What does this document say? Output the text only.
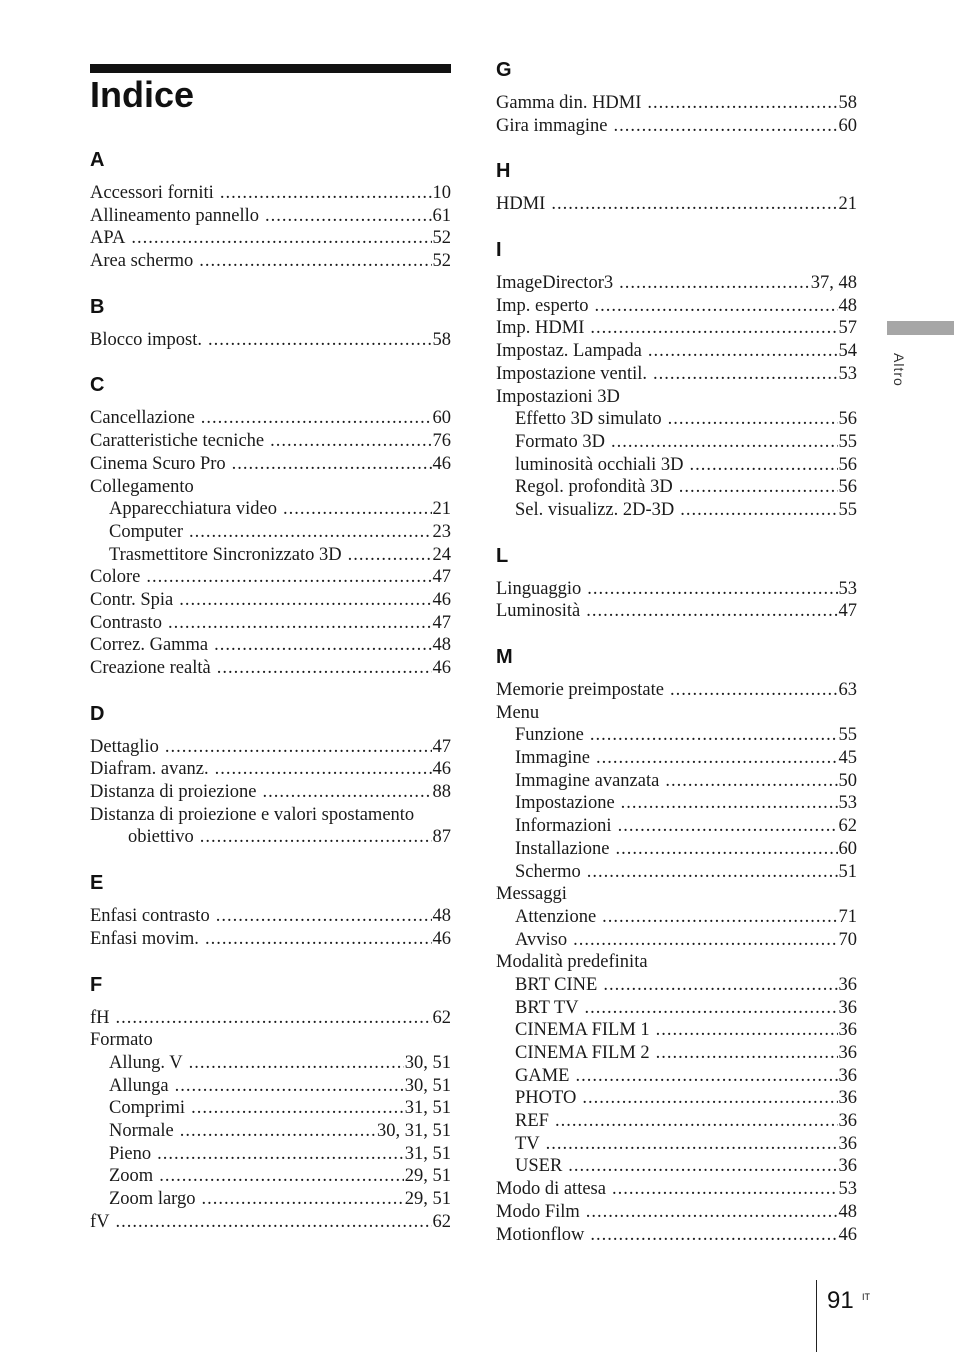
Indice
A
Accessori forniti .....	10
Allineamento pannello .....	61
APA .....	52
Area schermo .....	52
B
Blocco impost. .....	58
C
Cancellazione .....	60
Caratteristiche tecniche .....	76
Cinema Scuro Pro .....	46
Collegamento
Apparecchiatura video .....	21
Computer .....	23
Trasmettitore Sincronizzato 3D .....	24
Colore .....	47
Contr. Spia .....	46
Contrasto .....	47
Correz. Gamma .....	48
Creazione realtà .....	46
D
Dettaglio .....	47
Diafram. avanz. .....	46
Distanza di proiezione .....	88
Distanza di proiezione e valori spostamento
obiettivo .....	87
E
Enfasi contrasto .....	48
Enfasi movim. .....	46
F
fH .....	62
Formato
Allung. V .....	30, 51
Allunga .....	30, 51
Comprimi .....	31, 51
Normale .....	30, 31, 51
Pieno .....	31, 51
Zoom .....	29, 51
Zoom largo .....	29, 51
fV .....	62
G
Gamma din. HDMI .....	58
Gira immagine .....	60
H
HDMI .....	21
I
ImageDirector3 .....	37, 48
Imp. esperto .....	48
Imp. HDMI .....	57
Impostaz. Lampada .....	54
Impostazione ventil. .....	53
Impostazioni 3D
Effetto 3D simulato .....	56
Formato 3D .....	55
luminosità occhiali 3D .....	56
Regol. profondità 3D .....	56
Sel. visualizz. 2D-3D .....	55
L
Linguaggio .....	53
Luminosità .....	47
M
Memorie preimpostate .....	63
Menu
Funzione .....	55
Immagine .....	45
Immagine avanzata .....	50
Impostazione .....	53
Informazioni .....	62
Installazione .....	60
Schermo .....	51
Messaggi
Attenzione .....	71
Avviso .....	70
Modalità predefinita
BRT CINE .....	36
BRT TV .....	36
CINEMA FILM 1 .....	36
CINEMA FILM 2 .....	36
GAME .....	36
PHOTO .....	36
REF .....	36
TV .....	36
USER .....	36
Modo di attesa .....	53
Modo Film .....	48
Motionflow .....	46
Altro
91 IT
